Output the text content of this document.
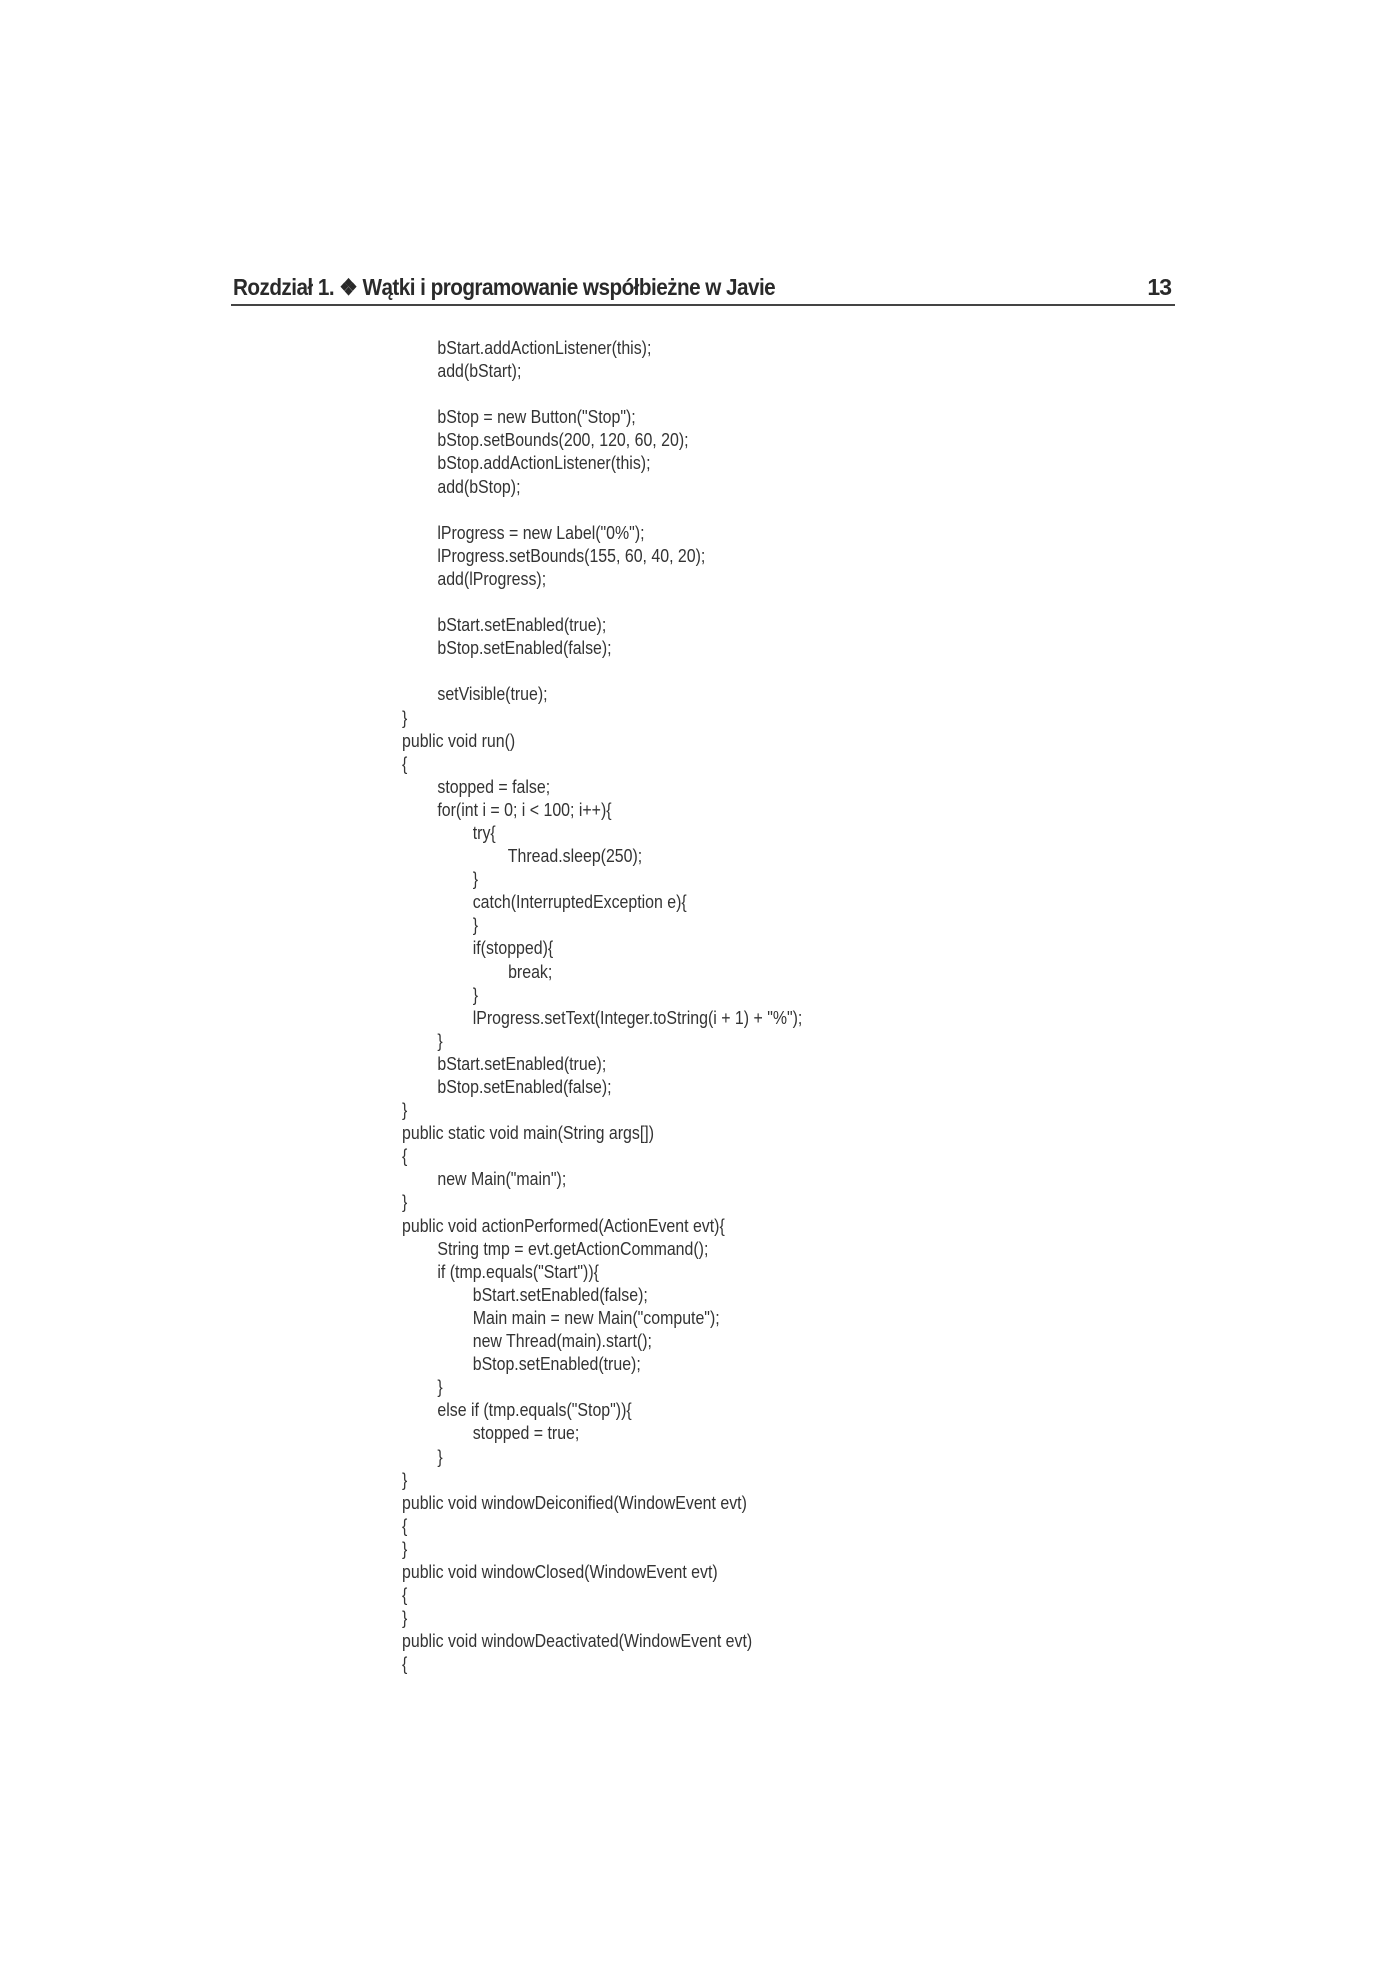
Rozdział 1. ❖ Wątki i programowanie współbieżne w Javie	13
bStart.addActionListener(this);
add(bStart);
bStop = new Button("Stop");
bStop.setBounds(200, 120, 60, 20);
bStop.addActionListener(this);
add(bStop);
lProgress = new Label("0%");
lProgress.setBounds(155, 60, 40, 20);
add(lProgress);
bStart.setEnabled(true);
bStop.setEnabled(false);
setVisible(true);
}
public void run()
{
stopped = false;
for(int i = 0; i < 100; i++){
try{
Thread.sleep(250);
}
catch(InterruptedException e){
}
if(stopped){
break;
}
lProgress.setText(Integer.toString(i + 1) + "%");
}
bStart.setEnabled(true);
bStop.setEnabled(false);
}
public static void main(String args[])
{
new Main("main");
}
public void actionPerformed(ActionEvent evt){
String tmp = evt.getActionCommand();
if (tmp.equals("Start")){
bStart.setEnabled(false);
Main main = new Main("compute");
new Thread(main).start();
bStop.setEnabled(true);
}
else if (tmp.equals("Stop")){
stopped = true;
}
}
public void windowDeiconified(WindowEvent evt)
{
}
public void windowClosed(WindowEvent evt)
{
}
public void windowDeactivated(WindowEvent evt)
{
